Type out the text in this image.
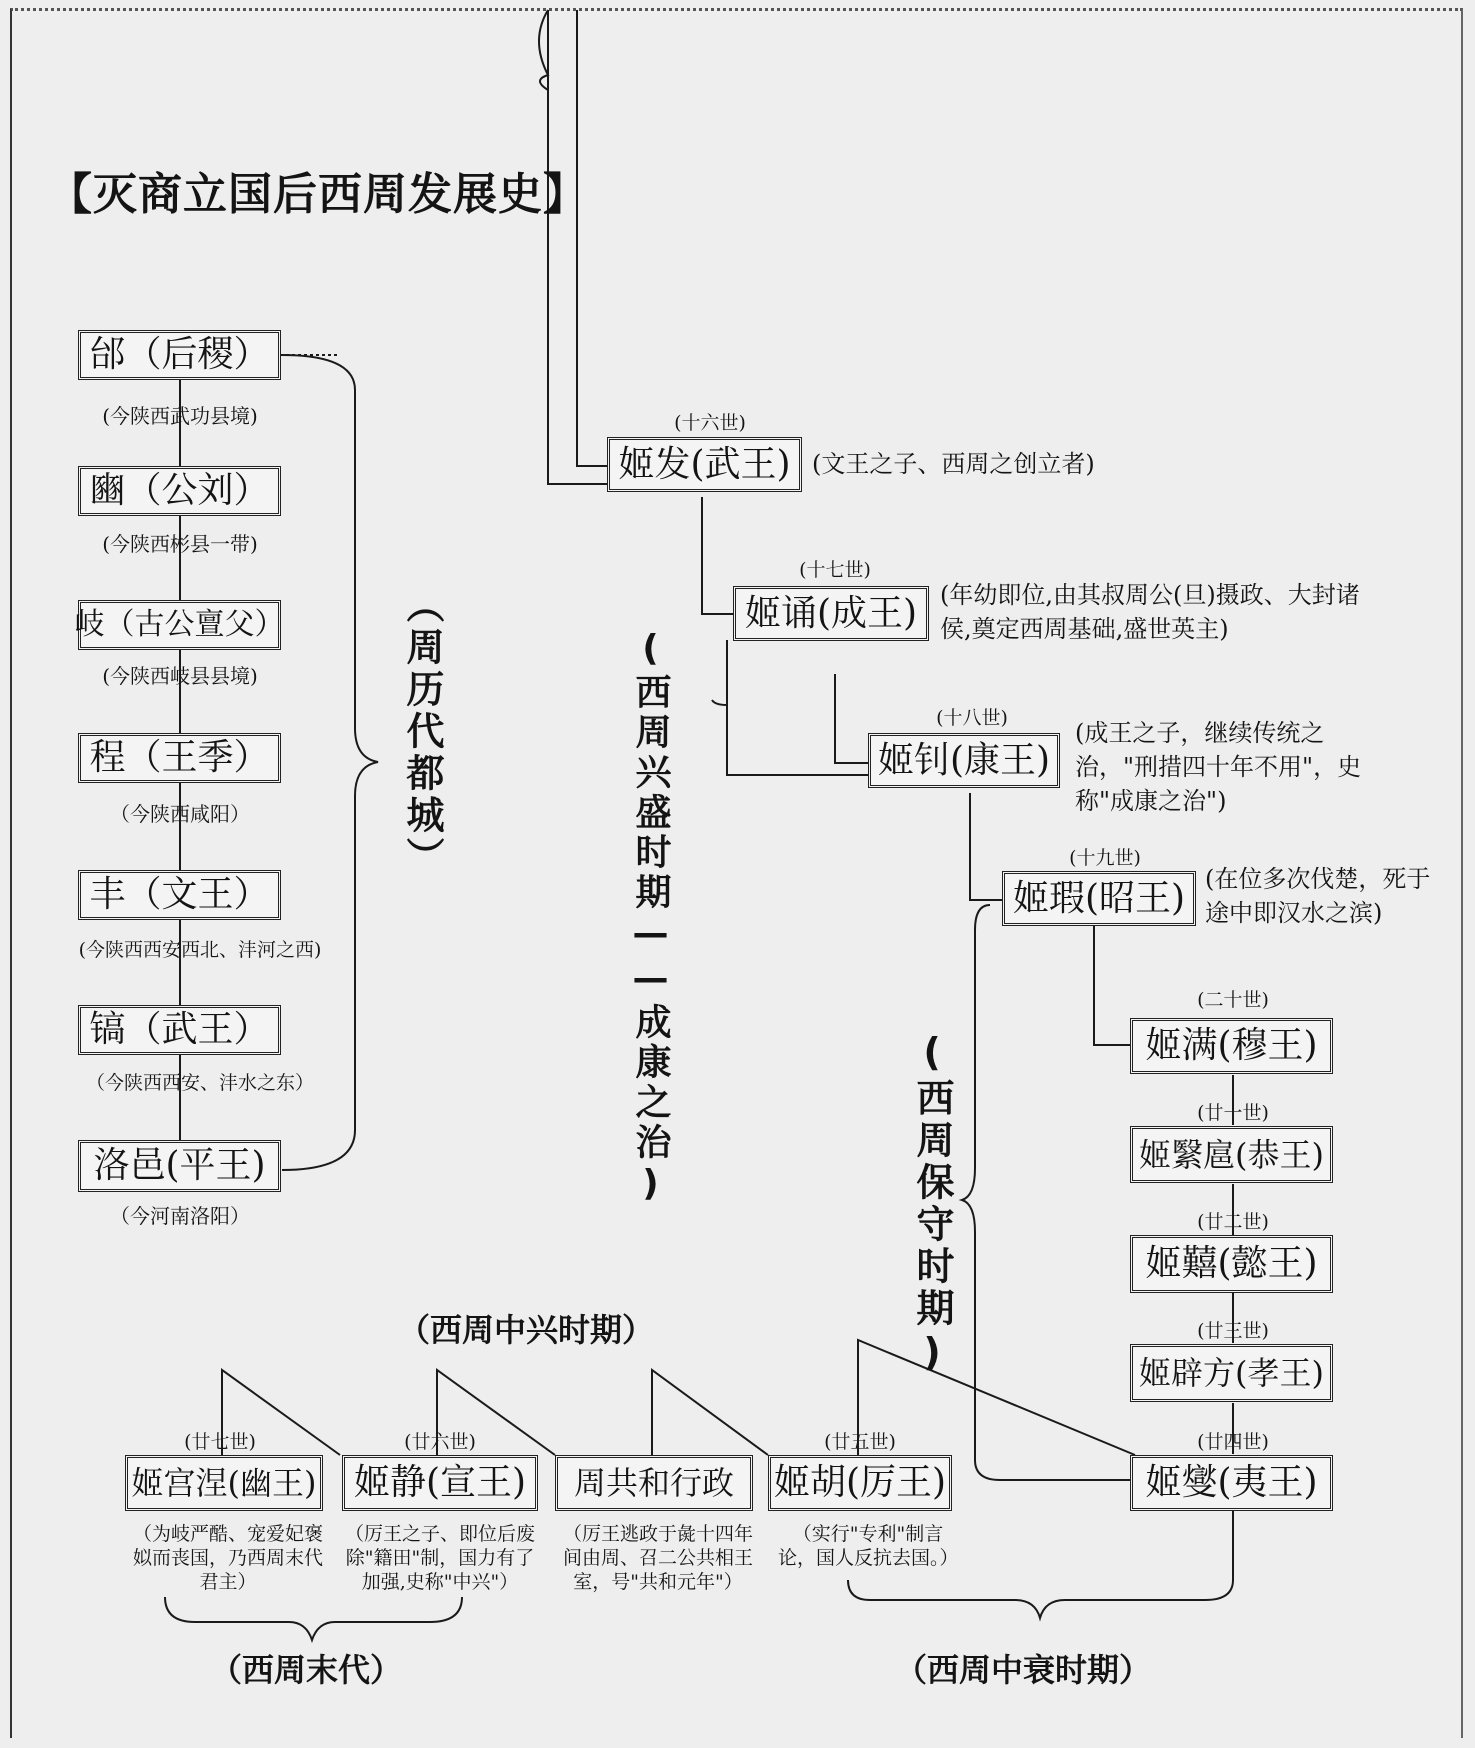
【灭商立国后西周发展史】
邰（后稷）
(今陕西武功县境)
豳（公刘）
(今陕西彬县一带)
岐（古公亶父）
(今陕西岐县县境)
程（王季）
（今陕西咸阳）
丰（文王）
(今陕西西安西北、沣河之西)
镐（武王）
（今陕西西安、沣水之东）
洛邑(平王)
（今河南洛阳）
（周历代都城）
(十六世)
姬发(武王) (文王之子、西周之创立者)
(十七世)
姬诵(成王) (年幼即位,由其叔周公(旦)摄政、大封诸侯,奠定西周基础,盛世英主)
(十八世)
姬钊(康王)
(成王之子，继续传统之治，"刑措四十年不用"，史称"成康之治")
(十九世)
姬瑕(昭王) (在位多次伐楚，死于途中即汉水之滨)
(二十世)
姬满(穆王)
(廿一世)
姬繄扈(恭王)
(廿二世)
姬囏(懿王)
(廿三世)
姬辟方(孝王)
(廿四世)
姬燮(夷王)
(廿七世)
姬宫涅(幽王)
（为岐严酷、宠爱妃褒姒而丧国，乃西周末代君主）
(廿六世)
姬静(宣王)
（厉王之子、即位后废除"籍田"制，国力有了加强,史称"中兴"）
周共和行政
（厉王逃政于彘十四年间由周、召二公共相王室，号"共和元年"）
(廿五世)
姬胡(厉王)
（实行"专利"制言论，国人反抗去国。）
(西周兴盛时期——成康之治)	(西周保守时期)
（西周中兴时期）
（西周中衰时期）
（西周末代）
